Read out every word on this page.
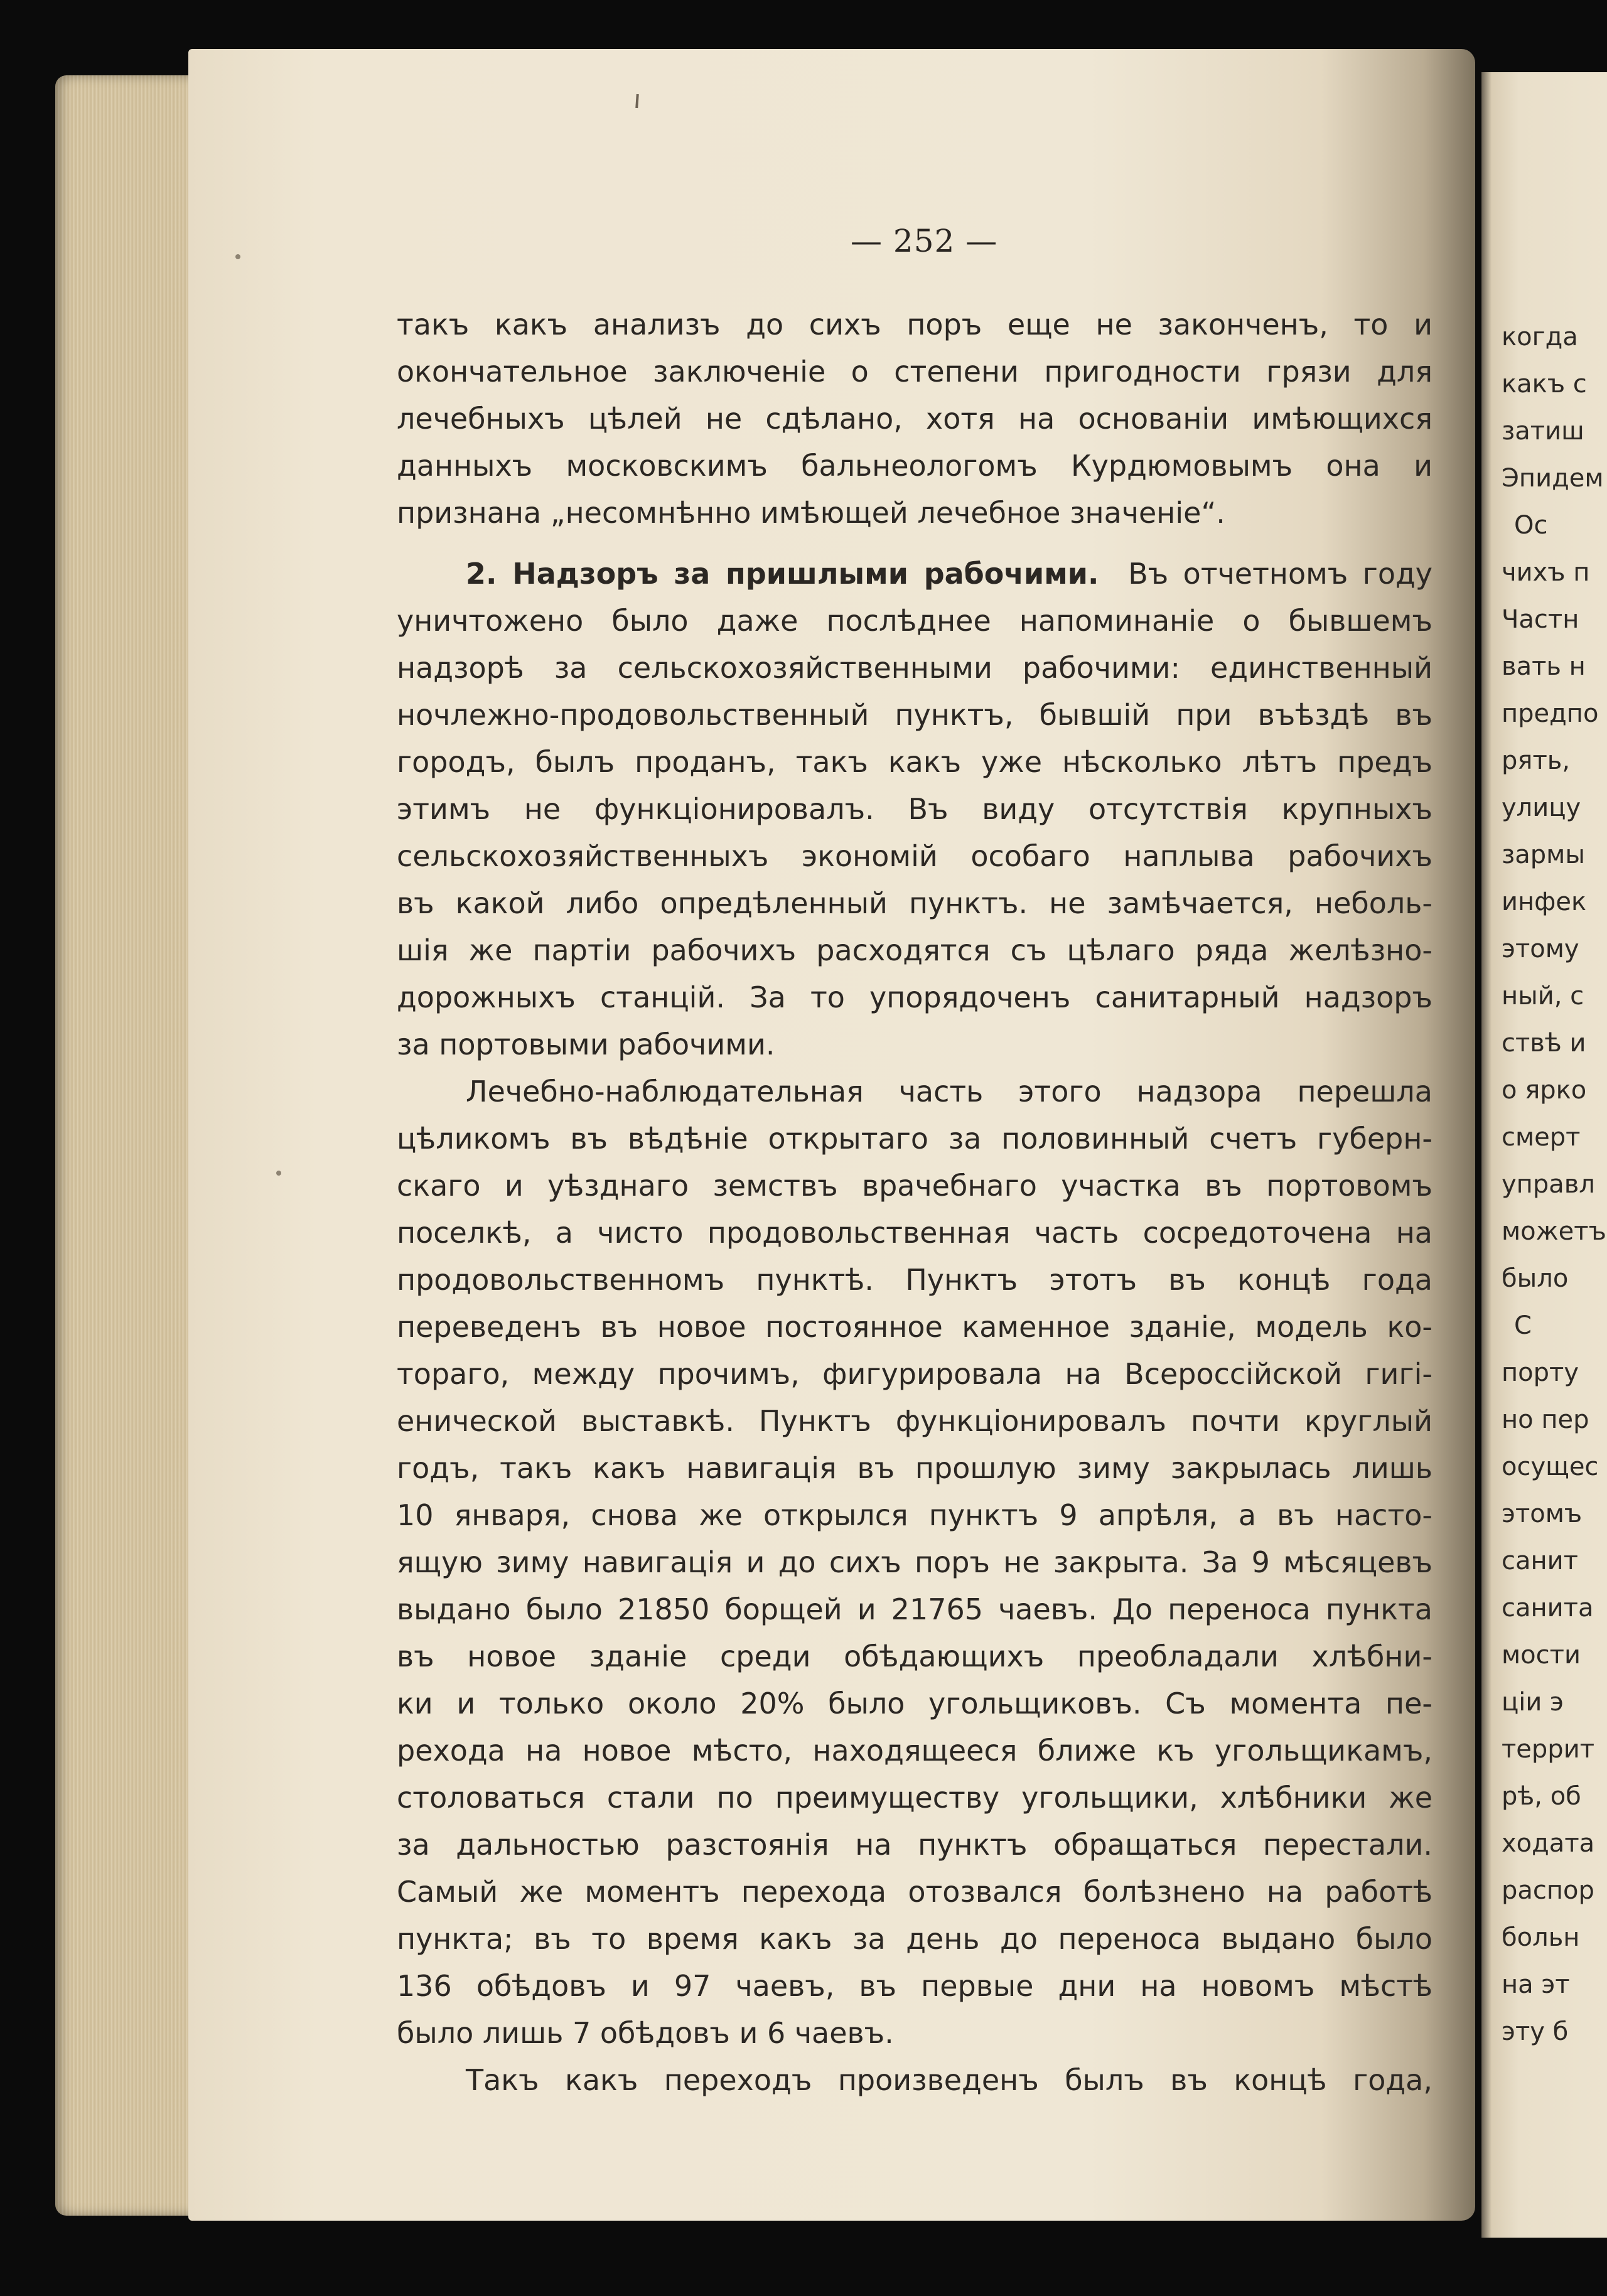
— 252 —
такъ какъ анализъ до сихъ поръ еще не законченъ, то и
окончательное заключеніе о степени пригодности грязи для
лечебныхъ цѣлей не сдѣлано, хотя на основаніи имѣющихся
данныхъ московскимъ бальнеологомъ Курдюмовымъ она и
признана „несомнѣнно имѣющей лечебное значеніе“.
2. Надзоръ за пришлыми рабочими. Въ отчетномъ году
уничтожено было даже послѣднее напоминаніе о бывшемъ
надзорѣ за сельскохозяйственными рабочими: единственный
ночлежно-продовольственный пунктъ, бывшій при въѣздѣ въ
городъ, былъ проданъ, такъ какъ уже нѣсколько лѣтъ предъ
этимъ не функціонировалъ. Въ виду отсутствія крупныхъ
сельскохозяйственныхъ экономій особаго наплыва рабочихъ
въ какой либо опредѣленный пунктъ. не замѣчается, неболь-
шія же партіи рабочихъ расходятся съ цѣлаго ряда желѣзно-
дорожныхъ станцій. За то упорядоченъ санитарный надзоръ
за портовыми рабочими.
Лечебно-наблюдательная часть этого надзора перешла
цѣликомъ въ вѣдѣніе открытаго за половинный счетъ губерн-
скаго и уѣзднаго земствъ врачебнаго участка въ портовомъ
поселкѣ, а чисто продовольственная часть сосредоточена на
продовольственномъ пунктѣ. Пунктъ этотъ въ концѣ года
переведенъ въ новое постоянное каменное зданіе, модель ко-
тораго, между прочимъ, фигурировала на Всероссійской гигі-
енической выставкѣ. Пунктъ функціонировалъ почти круглый
годъ, такъ какъ навигація въ прошлую зиму закрылась лишь
10 января, снова же открылся пунктъ 9 апрѣля, а въ насто-
ящую зиму навигація и до сихъ поръ не закрыта. За 9 мѣсяцевъ
выдано было 21850 борщей и 21765 чаевъ. До переноса пункта
въ новое зданіе среди обѣдающихъ преобладали хлѣбни-
ки и только около 20% было угольщиковъ. Съ момента пе-
рехода на новое мѣсто, находящееся ближе къ угольщикамъ,
столоваться стали по преимуществу угольщики, хлѣбники же
за дальностью разстоянія на пунктъ обращаться перестали.
Самый же моментъ перехода отозвался болѣзнено на работѣ
пункта; въ то время какъ за день до переноса выдано было
136 обѣдовъ и 97 чаевъ, въ первые дни на новомъ мѣстѣ
было лишь 7 обѣдовъ и 6 чаевъ.
Такъ какъ переходъ произведенъ былъ въ концѣ года,
когда
какъ с
затиш
Эпидем
Ос
чихъ п
Частн
вать н
предпо
рять,
улицу
зармы
инфек
этому
ный, с
ствѣ и
о ярко
смерт
управл
можетъ
было
С
порту
но пер
осущес
этомъ
санит
санита
мости
ціи э
террит
рѣ, об
ходата
распор
больн
на эт
эту б
